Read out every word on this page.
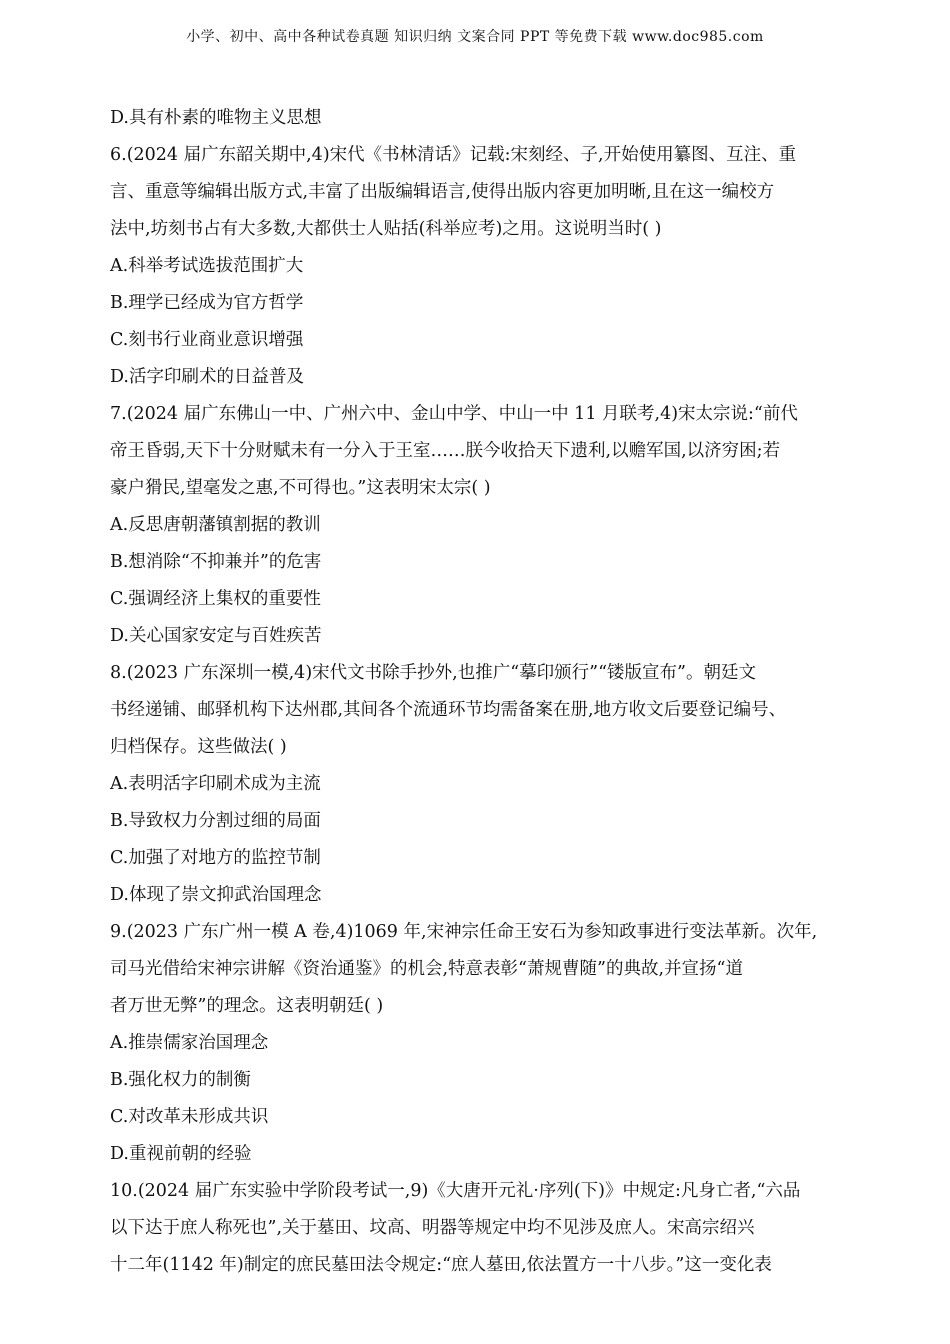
小学、初中、高中各种试卷真题 知识归纳 文案合同 PPT 等免费下载 www.doc985.com
D.具有朴素的唯物主义思想
6.(2024 届广东韶关期中,4)宋代《书林清话》记载:宋刻经、子,开始使用纂图、互注、重
言、重意等编辑出版方式,丰富了出版编辑语言,使得出版内容更加明晰,且在这一编校方
法中,坊刻书占有大多数,大都供士人贴括(科举应考)之用。这说明当时( )
A.科举考试选拔范围扩大
B.理学已经成为官方哲学
C.刻书行业商业意识增强
D.活字印刷术的日益普及
7.(2024 届广东佛山一中、广州六中、金山中学、中山一中 11 月联考,4)宋太宗说:“前代
帝王昏弱,天下十分财赋未有一分入于王室……朕今收拾天下遗利,以赡军国,以济穷困;若
豪户猾民,望毫发之惠,不可得也。”这表明宋太宗( )
A.反思唐朝藩镇割据的教训
B.想消除“不抑兼并”的危害
C.强调经济上集权的重要性
D.关心国家安定与百姓疾苦
8.(2023 广东深圳一模,4)宋代文书除手抄外,也推广“摹印颁行”“镂版宣布”。朝廷文
书经递铺、邮驿机构下达州郡,其间各个流通环节均需备案在册,地方收文后要登记编号、
归档保存。这些做法( )
A.表明活字印刷术成为主流
B.导致权力分割过细的局面
C.加强了对地方的监控节制
D.体现了崇文抑武治国理念
9.(2023 广东广州一模 A 卷,4)1069 年,宋神宗任命王安石为参知政事进行变法革新。次年,
司马光借给宋神宗讲解《资治通鉴》的机会,特意表彰“萧规曹随”的典故,并宣扬“道
者万世无弊”的理念。这表明朝廷( )
A.推崇儒家治国理念
B.强化权力的制衡
C.对改革未形成共识
D.重视前朝的经验
10.(2024 届广东实验中学阶段考试一,9)《大唐开元礼·序列(下)》中规定:凡身亡者,“六品
以下达于庶人称死也”,关于墓田、坟高、明器等规定中均不见涉及庶人。宋高宗绍兴
十二年(1142 年)制定的庶民墓田法令规定:“庶人墓田,依法置方一十八步。”这一变化表
